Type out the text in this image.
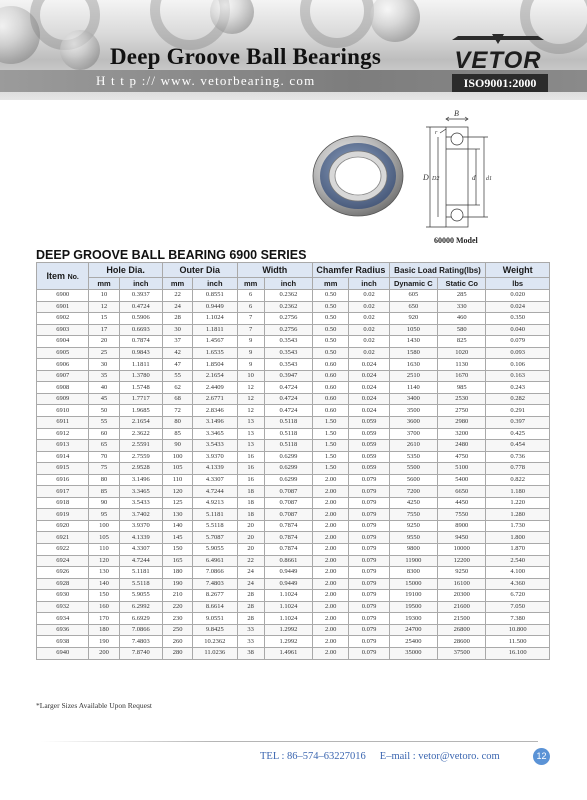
Deep Groove Ball Bearings
H t t p :// www. vetorbearing. com
VETOR
ISO9001:2000
B
r
D D2	d d1
60000 Model
DEEP GROOVE BALL BEARING 6900 SERIES
Item No.	Hole Dia.		Outer Dia		Width		Chamfer Radius		Basic Load Rating(lbs)		Weight
	mm	inch	mm	inch	mm	inch	mm	inch	Dynamic C	Static Co	lbs
6900	10	0.3937	22	0.8551	6	0.2362	0.50	0.02	605	285	0.020
6901	12	0.4724	24	0.9449	6	0.2362	0.50	0.02	650	330	0.024
6902	15	0.5906	28	1.1024	7	0.2756	0.50	0.02	920	460	0.350
6903	17	0.6693	30	1.1811	7	0.2756	0.50	0.02	1050	580	0.040
6904	20	0.7874	37	1.4567	9	0.3543	0.50	0.02	1430	825	0.079
6905	25	0.9843	42	1.6535	9	0.3543	0.50	0.02	1580	1020	0.093
6906	30	1.1811	47	1.8504	9	0.3543	0.60	0.024	1630	1130	0.106
6907	35	1.3780	55	2.1654	10	0.3947	0.60	0.024	2510	1670	0.163
6908	40	1.5748	62	2.4409	12	0.4724	0.60	0.024	1140	985	0.243
6909	45	1.7717	68	2.6771	12	0.4724	0.60	0.024	3400	2530	0.282
6910	50	1.9685	72	2.8346	12	0.4724	0.60	0.024	3500	2750	0.291
6911	55	2.1654	80	3.1496	13	0.5118	1.50	0.059	3600	2980	0.397
6912	60	2.3622	85	3.3465	13	0.5118	1.50	0.059	3700	3200	0.425
6913	65	2.5591	90	3.5433	13	0.5118	1.50	0.059	2610	2480	0.454
6914	70	2.7559	100	3.9370	16	0.6299	1.50	0.059	5350	4750	0.736
6915	75	2.9528	105	4.1339	16	0.6299	1.50	0.059	5500	5100	0.778
6916	80	3.1496	110	4.3307	16	0.6299	2.00	0.079	5600	5400	0.822
6917	85	3.3465	120	4.7244	18	0.7087	2.00	0.079	7200	6650	1.180
6918	90	3.5433	125	4.9213	18	0.7087	2.00	0.079	4250	4450	1.220
6919	95	3.7402	130	5.1181	18	0.7087	2.00	0.079	7550	7550	1.280
6920	100	3.9370	140	5.5118	20	0.7874	2.00	0.079	9250	8900	1.730
6921	105	4.1339	145	5.7087	20	0.7874	2.00	0.079	9550	9450	1.800
6922	110	4.3307	150	5.9055	20	0.7874	2.00	0.079	9800	10000	1.870
6924	120	4.7244	165	6.4961	22	0.8661	2.00	0.079	11900	12200	2.540
6926	130	5.1181	180	7.0866	24	0.9449	2.00	0.079	8300	9250	4.100
6928	140	5.5118	190	7.4803	24	0.9449	2.00	0.079	15000	16100	4.360
6930	150	5.9055	210	8.2677	28	1.1024	2.00	0.079	19100	20300	6.720
6932	160	6.2992	220	8.6614	28	1.1024	2.00	0.079	19500	21600	7.050
6934	170	6.6929	230	9.0551	28	1.1024	2.00	0.079	19300	21500	7.380
6936	180	7.0866	250	9.8425	33	1.2992	2.00	0.079	24700	26800	10.800
6938	190	7.4803	260	10.2362	33	1.2992	2.00	0.079	25400	28600	11.500
6940	200	7.8740	280	11.0236	38	1.4961	2.00	0.079	35000	37500	16.100
*Larger Sizes Available Upon Request
TEL : 86–574–63227016 E–mail : vetor@vetoro. com	12
